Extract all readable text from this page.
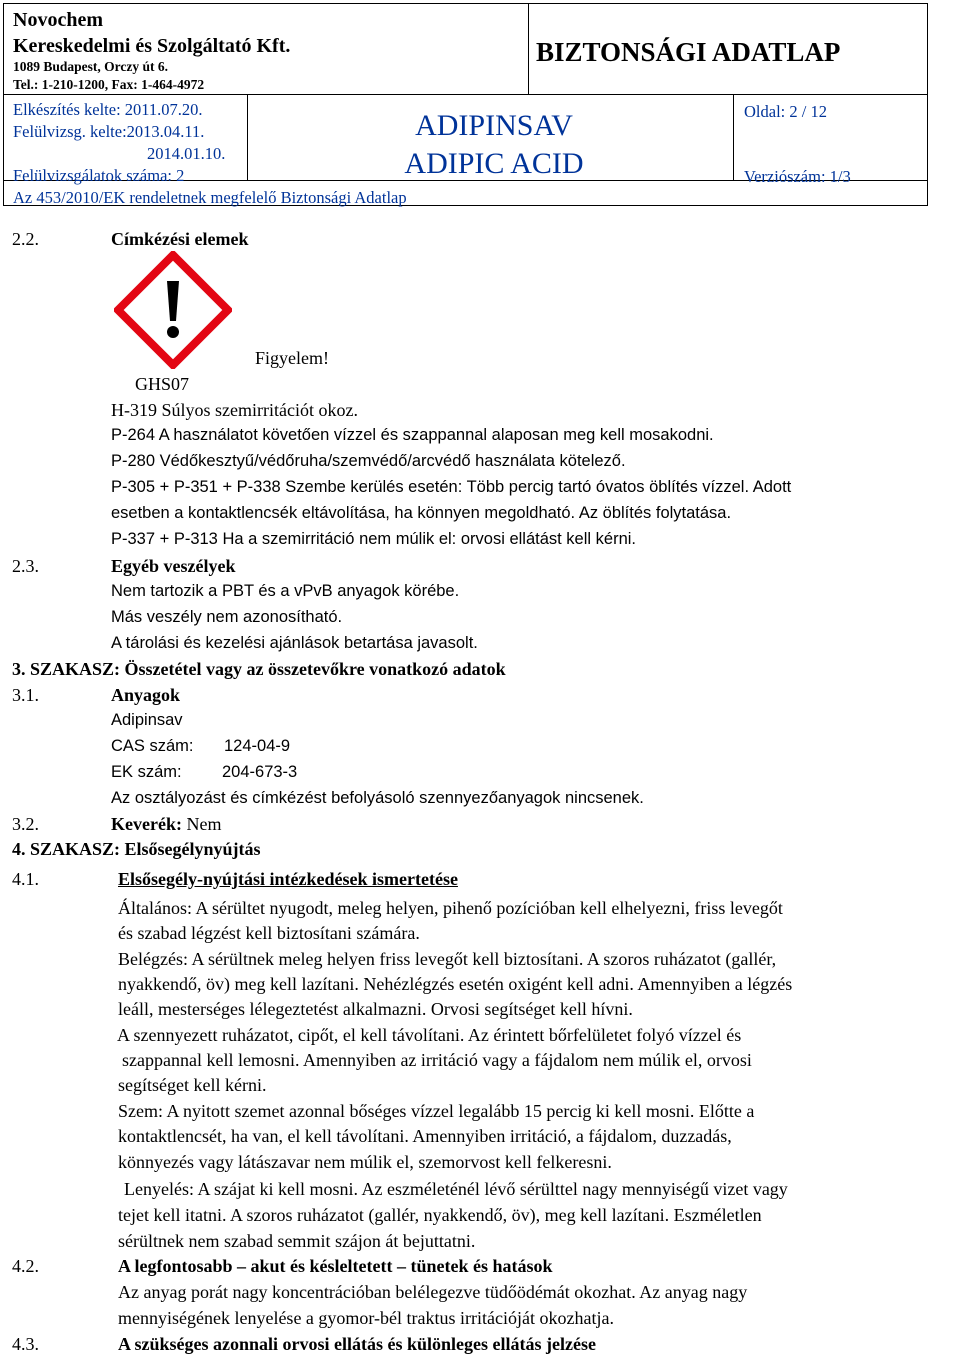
Novochem
Kereskedelmi és Szolgáltató Kft.
1089 Budapest, Orczy út 6.
Tel.: 1-210-1200, Fax: 1-464-4972
BIZTONSÁGI ADATLAP
Elkészítés kelte: 2011.07.20.
Felülvizsg. kelte:2013.04.11.
2014.01.10.
Felülvizsgálatok száma: 2
ADIPINSAV
ADIPIC ACID
Oldal: 2 / 12
Verziószám: 1/3
Az 453/2010/EK rendeletnek megfelelő Biztonsági Adatlap
2.2.	Címkézési elemek
Figyelem!
GHS07
H-319 Súlyos szemirritációt okoz.
P-264 A használatot követően vízzel és szappannal alaposan meg kell mosakodni.
P-280 Védőkesztyű/védőruha/szemvédő/arcvédő használata kötelező.
P-305 + P-351 + P-338 Szembe kerülés esetén: Több percig tartó óvatos öblítés vízzel. Adott
esetben a kontaktlencsék eltávolítása, ha könnyen megoldható. Az öblítés folytatása.
P-337 + P-313 Ha a szemirritáció nem múlik el: orvosi ellátást kell kérni.
2.3.	Egyéb veszélyek
Nem tartozik a PBT és a vPvB anyagok körébe.
Más veszély nem azonosítható.
A tárolási és kezelési ajánlások betartása javasolt.
3. SZAKASZ: Összetétel vagy az összetevőkre vonatkozó adatok
3.1.	Anyagok
Adipinsav
CAS szám: 124-04-9
EK szám: 204-673-3
Az osztályozást és címkézést befolyásoló szennyezőanyagok nincsenek.
3.2.	Keverék: Nem
4. SZAKASZ: Elsősegélynyújtás
4.1.	Elsősegély-nyújtási intézkedések ismertetése
Általános: A sérültet nyugodt, meleg helyen, pihenő pozícióban kell elhelyezni, friss levegőt
és szabad légzést kell biztosítani számára.
Belégzés: A sérültnek meleg helyen friss levegőt kell biztosítani. A szoros ruházatot (gallér,
nyakkendő, öv) meg kell lazítani. Nehézlégzés esetén oxigént kell adni. Amennyiben a légzés
leáll, mesterséges lélegeztetést alkalmazni. Orvosi segítséget kell hívni.
A szennyezett ruházatot, cipőt, el kell távolítani. Az érintett bőrfelületet folyó vízzel és
szappannal kell lemosni. Amennyiben az irritáció vagy a fájdalom nem múlik el, orvosi
segítséget kell kérni.
Szem: A nyitott szemet azonnal bőséges vízzel legalább 15 percig ki kell mosni. Előtte a
kontaktlencsét, ha van, el kell távolítani. Amennyiben irritáció, a fájdalom, duzzadás,
könnyezés vagy látászavar nem múlik el, szemorvost kell felkeresni.
Lenyelés: A szájat ki kell mosni. Az eszméleténél lévő sérülttel nagy mennyiségű vizet vagy
tejet kell itatni. A szoros ruházatot (gallér, nyakkendő, öv), meg kell lazítani. Eszméletlen
sérültnek nem szabad semmit szájon át bejuttatni.
4.2.	A legfontosabb – akut és késleltetett – tünetek és hatások
Az anyag porát nagy koncentrációban belélegezve tüdőödémát okozhat. Az anyag nagy
mennyiségének lenyelése a gyomor-bél traktus irritációját okozhatja.
4.3.	A szükséges azonnali orvosi ellátás és különleges ellátás jelzése
